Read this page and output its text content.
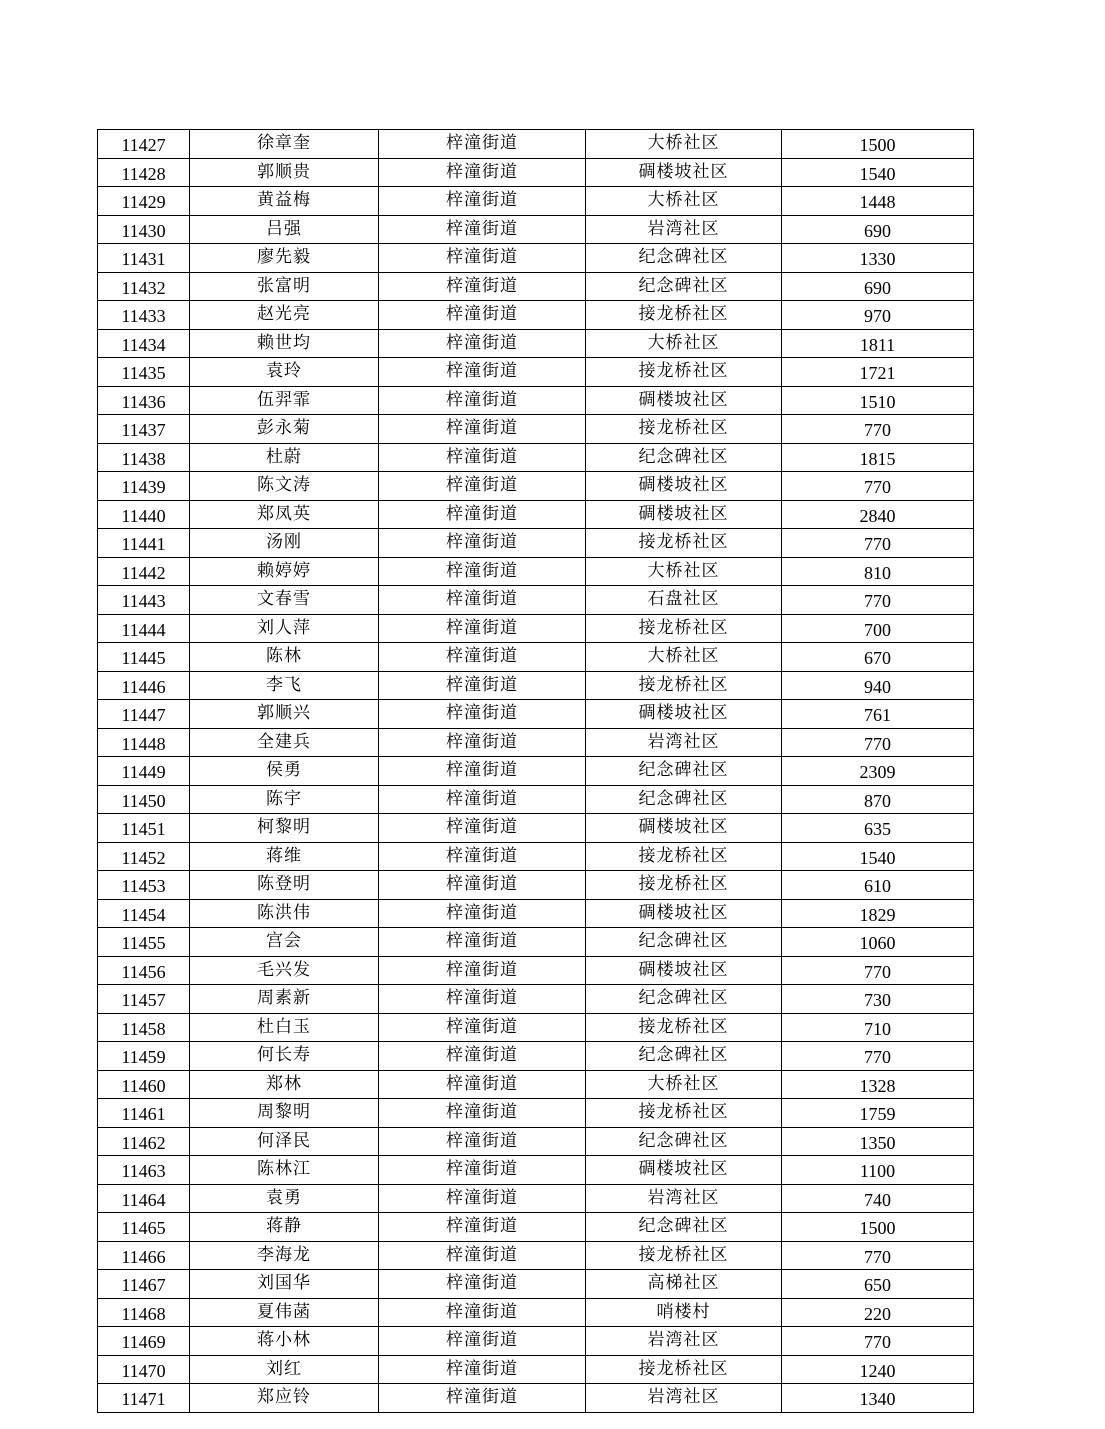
11427	徐章奎	梓潼街道	大桥社区	1500
11428	郭顺贵	梓潼街道	碉楼坡社区	1540
11429	黄益梅	梓潼街道	大桥社区	1448
11430	吕强	梓潼街道	岩湾社区	690
11431	廖先毅	梓潼街道	纪念碑社区	1330
11432	张富明	梓潼街道	纪念碑社区	690
11433	赵光亮	梓潼街道	接龙桥社区	970
11434	赖世均	梓潼街道	大桥社区	1811
11435	袁玲	梓潼街道	接龙桥社区	1721
11436	伍羿霏	梓潼街道	碉楼坡社区	1510
11437	彭永菊	梓潼街道	接龙桥社区	770
11438	杜蔚	梓潼街道	纪念碑社区	1815
11439	陈文涛	梓潼街道	碉楼坡社区	770
11440	郑凤英	梓潼街道	碉楼坡社区	2840
11441	汤刚	梓潼街道	接龙桥社区	770
11442	赖婷婷	梓潼街道	大桥社区	810
11443	文春雪	梓潼街道	石盘社区	770
11444	刘人萍	梓潼街道	接龙桥社区	700
11445	陈林	梓潼街道	大桥社区	670
11446	李飞	梓潼街道	接龙桥社区	940
11447	郭顺兴	梓潼街道	碉楼坡社区	761
11448	全建兵	梓潼街道	岩湾社区	770
11449	侯勇	梓潼街道	纪念碑社区	2309
11450	陈宇	梓潼街道	纪念碑社区	870
11451	柯黎明	梓潼街道	碉楼坡社区	635
11452	蒋维	梓潼街道	接龙桥社区	1540
11453	陈登明	梓潼街道	接龙桥社区	610
11454	陈洪伟	梓潼街道	碉楼坡社区	1829
11455	宫会	梓潼街道	纪念碑社区	1060
11456	毛兴发	梓潼街道	碉楼坡社区	770
11457	周素新	梓潼街道	纪念碑社区	730
11458	杜白玉	梓潼街道	接龙桥社区	710
11459	何长寿	梓潼街道	纪念碑社区	770
11460	郑林	梓潼街道	大桥社区	1328
11461	周黎明	梓潼街道	接龙桥社区	1759
11462	何泽民	梓潼街道	纪念碑社区	1350
11463	陈林江	梓潼街道	碉楼坡社区	1100
11464	袁勇	梓潼街道	岩湾社区	740
11465	蒋静	梓潼街道	纪念碑社区	1500
11466	李海龙	梓潼街道	接龙桥社区	770
11467	刘国华	梓潼街道	高梯社区	650
11468	夏伟菡	梓潼街道	哨楼村	220
11469	蒋小林	梓潼街道	岩湾社区	770
11470	刘红	梓潼街道	接龙桥社区	1240
11471	郑应铃	梓潼街道	岩湾社区	1340
